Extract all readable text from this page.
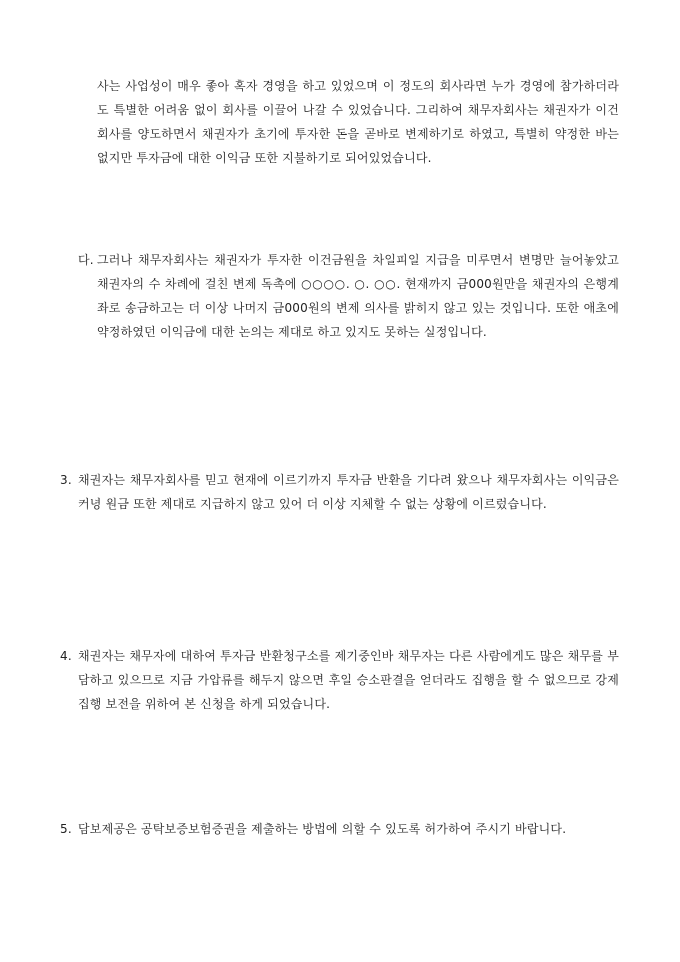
사는 사업성이 매우 좋아 혹자 경영을 하고 있었으며 이 정도의 회사라면 누가 경영에 참가하더라도 특별한 어려움 없이 회사를 이끌어 나갈 수 있었습니다. 그리하여 채무자회사는 채권자가 이건 회사를 양도하면서 채권자가 초기에 투자한 돈을 곧바로 변제하기로 하였고, 특별히 약정한 바는 없지만 투자금에 대한 이익금 또한 지불하기로 되어있었습니다.
다. 그러나 채무자회사는 채권자가 투자한 이건금원을 차일피일 지급을 미루면서 변명만 늘어놓았고 채권자의 수 차례에 걸친 변제 독촉에 ○○○○. ○. ○○. 현재까지 금000원만을 채권자의 은행계좌로 송금하고는 더 이상 나머지 금000원의 변제 의사를 밝히지 않고 있는 것입니다. 또한 애초에 약정하였던 이익금에 대한 논의는 제대로 하고 있지도 못하는 실정입니다.
3. 채권자는 채무자회사를 믿고 현재에 이르기까지 투자금 반환을 기다려 왔으나 채무자회사는 이익금은커녕 원금 또한 제대로 지급하지 않고 있어 더 이상 지체할 수 없는 상황에 이르렀습니다.
4. 채권자는 채무자에 대하여 투자금 반환청구소를 제기중인바 채무자는 다른 사람에게도 많은 채무를 부담하고 있으므로 지금 가압류를 해두지 않으면 후일 승소판결을 얻더라도 집행을 할 수 없으므로 강제집행 보전을 위하여 본 신청을 하게 되었습니다.
5. 담보제공은 공탁보증보험증권을 제출하는 방법에 의할 수 있도록 허가하여 주시기 바랍니다.
